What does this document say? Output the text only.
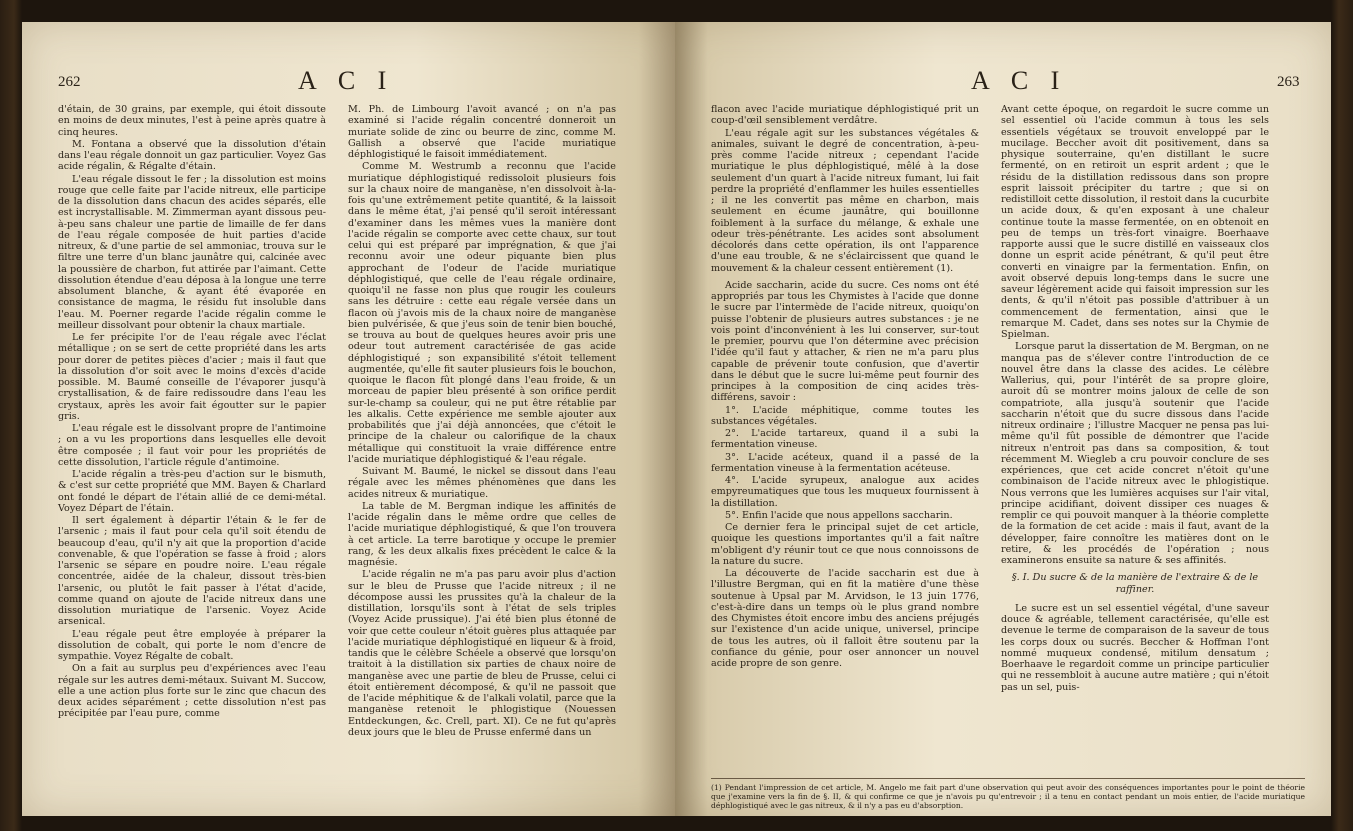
262	A C I

d'étain, de 30 grains, par exemple, qui étoit dissoute en moins de deux minutes, l'est à peine après quatre à cinq heures.

M. Fontana a observé que la dissolution d'étain dans l'eau régale donnoit un gaz particulier. Voyez Gas acide régalin, & Régalte d'étain.

L'eau régale dissout le fer ; la dissolution est moins rouge que celle faite par l'acide nitreux, elle participe de la dissolution dans chacun des acides séparés, elle est incrystallisable. M. Zimmerman ayant dissous peu-à-peu sans chaleur une partie de limaille de fer dans de l'eau régale composée de huit parties d'acide nitreux, & d'une partie de sel ammoniac, trouva sur le filtre une terre d'un blanc jaunâtre qui, calcinée avec la poussière de charbon, fut attirée par l'aimant. Cette dissolution étendue d'eau déposa à la longue une terre absolument blanche, & ayant été évaporée en consistance de magma, le résidu fut insoluble dans l'eau. M. Poerner regarde l'acide régalin comme le meilleur dissolvant pour obtenir la chaux martiale.

Le fer précipite l'or de l'eau régale avec l'éclat métallique ; on se sert de cette propriété dans les arts pour dorer de petites pièces d'acier ; mais il faut que la dissolution d'or soit avec le moins d'excès d'acide possible. M. Baumé conseille de l'évaporer jusqu'à crystallisation, & de faire redissoudre dans l'eau les crystaux, après les avoir fait égoutter sur le papier gris.

L'eau régale est le dissolvant propre de l'antimoine ; on a vu les proportions dans lesquelles elle devoit être composée ; il faut voir pour les propriétés de cette dissolution, l'article régule d'antimoine.

L'acide régalin a très-peu d'action sur le bismuth, & c'est sur cette propriété que MM. Bayen & Charlard ont fondé le départ de l'étain allié de ce demi-métal. Voyez Départ de l'étain.

Il sert également à départir l'étain & le fer de l'arsenic ; mais il faut pour cela qu'il soit étendu de beaucoup d'eau, qu'il n'y ait que la proportion d'acide convenable, & que l'opération se fasse à froid ; alors l'arsenic se sépare en poudre noire. L'eau régale concentrée, aidée de la chaleur, dissout très-bien l'arsenic, ou plutôt le fait passer à l'état d'acide, comme quand on ajoute de l'acide nitreux dans une dissolution muriatique de l'arsenic. Voyez Acide arsenical.

L'eau régale peut être employée à préparer la dissolution de cobalt, qui porte le nom d'encre de sympathie. Voyez Régalte de cobalt.

On a fait au surplus peu d'expériences avec l'eau régale sur les autres demi-métaux. Suivant M. Succow, elle a une action plus forte sur le zinc que chacun des deux acides séparément ; cette dissolution n'est pas précipitée par l'eau pure, comme

M. Ph. de Limbourg l'avoit avancé ; on n'a pas examiné si l'acide régalin concentré donneroit un muriate solide de zinc ou beurre de zinc, comme M. Gallish a observé que l'acide muriatique déphlogistiqué le faisoit immédiatement.

Comme M. Westrumb a reconnu que l'acide muriatique déphlogistiqué redissoloit plusieurs fois sur la chaux noire de manganèse, n'en dissolvoit à-la-fois qu'une extrêmement petite quantité, & la laissoit dans le même état, j'ai pensé qu'il seroit intéressant d'examiner dans les mêmes vues la manière dont l'acide régalin se comporte avec cette chaux, sur tout celui qui est préparé par imprégnation, & que j'ai reconnu avoir une odeur piquante bien plus approchant de l'odeur de l'acide muriatique déphlogistiqué, que celle de l'eau régale ordinaire, quoiqu'il ne fasse non plus que rougir les couleurs sans les détruire : cette eau régale versée dans un flacon où j'avois mis de la chaux noire de manganèse bien pulvérisée, & que j'eus soin de tenir bien bouché, se trouva au bout de quelques heures avoir pris une odeur tout autrement caractérisée de gas acide déphlogistiqué ; son expansibilité s'étoit tellement augmentée, qu'elle fit sauter plusieurs fois le bouchon, quoique le flacon fût plongé dans l'eau froide, & un morceau de papier bleu présenté à son orifice perdit sur-le-champ sa couleur, qui ne put être rétablie par les alkalis. Cette expérience me semble ajouter aux probabilités que j'ai déjà annoncées, que c'étoit le principe de la chaleur ou calorifique de la chaux métallique qui constituoit la vraie différence entre l'acide muriatique déphlogistiqué & l'eau régale.

Suivant M. Baumé, le nickel se dissout dans l'eau régale avec les mêmes phénomènes que dans les acides nitreux & muriatique.

La table de M. Bergman indique les affinités de l'acide régalin dans le même ordre que celles de l'acide muriatique déphlogistiqué, & que l'on trouvera à cet article. La terre barotique y occupe le premier rang, & les deux alkalis fixes précèdent le calce & la magnésie.

L'acide régalin ne m'a pas paru avoir plus d'action sur le bleu de Prusse que l'acide nitreux ; il ne décompose aussi les prussites qu'à la chaleur de la distillation, lorsqu'ils sont à l'état de sels triples (Voyez Acide prussique). J'ai été bien plus étonné de voir que cette couleur n'étoit guères plus attaquée par l'acide muriatique déphlogistiqué en liqueur & à froid, tandis que le célèbre Schéele a observé que lorsqu'on traitoit à la distillation six parties de chaux noire de manganèse avec une partie de bleu de Prusse, celui ci étoit entièrement décomposé, & qu'il ne passoit que de l'acide méphitique & de l'alkali volatil, parce que la manganèse retenoit le phlogistique (Nouessen Entdeckungen, &c. Crell, part. XI). Ce ne fut qu'après deux jours que le bleu de Prusse enfermé dans un

A C I	263

flacon avec l'acide muriatique déphlogistiqué prit un coup-d'œil sensiblement verdâtre.

L'eau régale agit sur les substances végétales & animales, suivant le degré de concentration, à-peu-près comme l'acide nitreux ; cependant l'acide muriatique le plus déphlogistiqué, mêlé à la dose seulement d'un quart à l'acide nitreux fumant, lui fait perdre la propriété d'enflammer les huiles essentielles ; il ne les convertit pas même en charbon, mais seulement en écume jaunâtre, qui bouillonne foiblement à la surface du mélange, & exhale une odeur très-pénétrante. Les acides sont absolument décolorés dans cette opération, ils ont l'apparence d'une eau trouble, & ne s'éclaircissent que quand le mouvement & la chaleur cessent entièrement (1).

Acide saccharin, acide du sucre. Ces noms ont été appropriés par tous les Chymistes à l'acide que donne le sucre par l'intermède de l'acide nitreux, quoiqu'on puisse l'obtenir de plusieurs autres substances : je ne vois point d'inconvénient à les lui conserver, sur-tout le premier, pourvu que l'on détermine avec précision l'idée qu'il faut y attacher, & rien ne m'a paru plus capable de prévenir toute confusion, que d'avertir dans le début que le sucre lui-même peut fournir des principes à la composition de cinq acides très-différens, savoir :

1°. L'acide méphitique, comme toutes les substances végétales.

2°. L'acide tartareux, quand il a subi la fermentation vineuse.

3°. L'acide acéteux, quand il a passé de la fermentation vineuse à la fermentation acéteuse.

4°. L'acide syrupeux, analogue aux acides empyreumatiques que tous les muqueux fournissent à la distillation.

5°. Enfin l'acide que nous appellons saccharin.

Ce dernier fera le principal sujet de cet article, quoique les questions importantes qu'il a fait naître m'obligent d'y réunir tout ce que nous connoissons de la nature du sucre.

La découverte de l'acide saccharin est due à l'illustre Bergman, qui en fit la matière d'une thèse soutenue à Upsal par M. Arvidson, le 13 juin 1776, c'est-à-dire dans un temps où le plus grand nombre des Chymistes étoit encore imbu des anciens préjugés sur l'existence d'un acide unique, universel, principe de tous les autres, où il falloit être soutenu par la confiance du génie, pour oser annoncer un nouvel acide propre de son genre.

Avant cette époque, on regardoit le sucre comme un sel essentiel où l'acide commun à tous les sels essentiels végétaux se trouvoit enveloppé par le mucilage. Beccher avoit dit positivement, dans sa physique souterraine, qu'en distillant le sucre fermenté, on en retiroit un esprit ardent ; que le résidu de la distillation redissous dans son propre esprit laissoit précipiter du tartre ; que si on redistilloit cette dissolution, il restoit dans la cucurbite un acide doux, & qu'en exposant à une chaleur continue toute la masse fermentée, on en obtenoit en peu de temps un très-fort vinaigre. Boerhaave rapporte aussi que le sucre distillé en vaisseaux clos donne un esprit acide pénétrant, & qu'il peut être converti en vinaigre par la fermentation. Enfin, on avoit observé depuis long-temps dans le sucre une saveur légèrement acide qui faisoit impression sur les dents, & qu'il n'étoit pas possible d'attribuer à un commencement de fermentation, ainsi que le remarque M. Cadet, dans ses notes sur la Chymie de Spielman.

Lorsque parut la dissertation de M. Bergman, on ne manqua pas de s'élever contre l'introduction de ce nouvel être dans la classe des acides. Le célèbre Wallerius, qui, pour l'intérêt de sa propre gloire, auroit dû se montrer moins jaloux de celle de son compatriote, alla jusqu'à soutenir que l'acide saccharin n'étoit que du sucre dissous dans l'acide nitreux ordinaire ; l'illustre Macquer ne pensa pas lui-même qu'il fût possible de démontrer que l'acide nitreux n'entroit pas dans sa composition, & tout récemment M. Wiegleb a cru pouvoir conclure de ses expériences, que cet acide concret n'étoit qu'une combinaison de l'acide nitreux avec le phlogistique. Nous verrons que les lumières acquises sur l'air vital, principe acidifiant, doivent dissiper ces nuages & remplir ce qui pouvoit manquer à la théorie complette de la formation de cet acide : mais il faut, avant de la développer, faire connoître les matières dont on le retire, & les procédés de l'opération ; nous examinerons ensuite sa nature & ses affinités.

§. I. Du sucre & de la manière de l'extraire & de le raffiner.

Le sucre est un sel essentiel végétal, d'une saveur douce & agréable, tellement caractérisée, qu'elle est devenue le terme de comparaison de la saveur de tous les corps doux ou sucrés. Beccher & Hoffman l'ont nommé muqueux condensé, mitilum densatum ; Boerhaave le regardoit comme un principe particulier qui ne ressembloit à aucune autre matière ; qui n'étoit pas un sel, puis-

(1) Pendant l'impression de cet article, M. Angelo me fait part d'une observation qui peut avoir des conséquences importantes pour le point de théorie que j'examine vers la fin de §. II, & qui confirme ce que je n'avois pu qu'entrevoir ; il a tenu en contact pendant un mois entier, de l'acide muriatique déphlogistiqué avec le gas nitreux, & il n'y a pas eu d'absorption.
